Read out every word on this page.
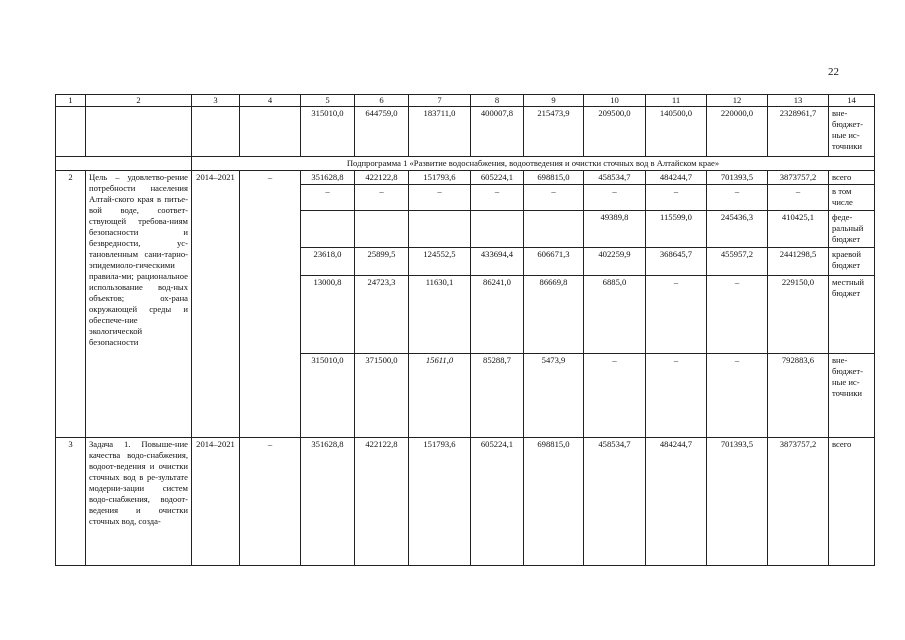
22
1	2	3	4	5	6	7	8	9	10	11	12	13	14
				315010,0	644759,0	183711,0	400007,8	215473,9	209500,0	140500,0	220000,0	2328961,7	вне-бюджет-ные ис-точники
		Подпрограмма 1 «Развитие водоснабжения, водоотведения и очистки сточных вод в Алтайском крае»											
2	Цель – удовлетво-рение потребности населения Алтай-ского края в питье-вой воде, соответ-ствующей требова-ниям безопасности и безвредности, ус-тановленным сани-тарно-эпидемиоло-гическими правила-ми; рациональное использование вод-ных объектов; ох-рана окружающей среды и обеспече-ние экологической безопасности	2014–2021	–	351628,8	422122,8	151793,6	605224,1	698815,0	458534,7	484244,7	701393,5	3873757,2	всего
				–	–	–	–	–	–	–	–	–	в том числе
									49389,8	115599,0	245436,3	410425,1	феде-ральный бюджет
				23618,0	25899,5	124552,5	433694,4	606671,3	402259,9	368645,7	455957,2	2441298,5	краевой бюджет
				13000,8	24723,3	11630,1	86241,0	86669,8	6885,0	–	–	229150,0	местный бюджет
				315010,0	371500,0	15611,0	85288,7	5473,9	–	–	–	792883,6	вне-бюджет-ные ис-точники
3	Задача 1. Повыше-ние качества водо-снабжения, водоот-ведения и очистки сточных вод в ре-зультате модерни-зации систем водо-снабжения, водоот-ведения и очистки сточных вод, созда-	2014–2021	–	351628,8	422122,8	151793,6	605224,1	698815,0	458534,7	484244,7	701393,5	3873757,2	всего
